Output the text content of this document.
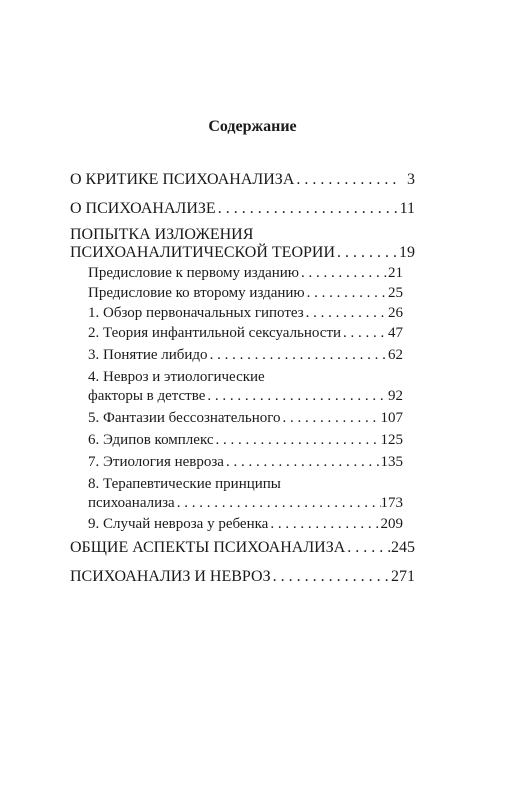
Содержание
О КРИТИКЕ ПСИХОАНАЛИЗА . . .	3
О ПСИХОАНАЛИЗЕ . . .	11
ПОПЫТКА ИЗЛОЖЕНИЯ
ПСИХОАНАЛИТИЧЕСКОЙ ТЕОРИИ . . .	19
Предисловие к первому изданию . . .	21
Предисловие ко второму изданию . . .	25
1. Обзор первоначальных гипотез . . .	26
2. Теория инфантильной сексуальности . . .	47
3. Понятие либидо . . .	62
4. Невроз и этиологические
факторы в детстве . . .	92
5. Фантазии бессознательного . . .	107
6. Эдипов комплекс . . .	125
7. Этиология невроза . . .	135
8. Терапевтические принципы
психоанализа . . .	173
9. Случай невроза у ребенка . . .	209
ОБЩИЕ АСПЕКТЫ ПСИХОАНАЛИЗА . . .	245
ПСИХОАНАЛИЗ И НЕВРОЗ . . .	271
